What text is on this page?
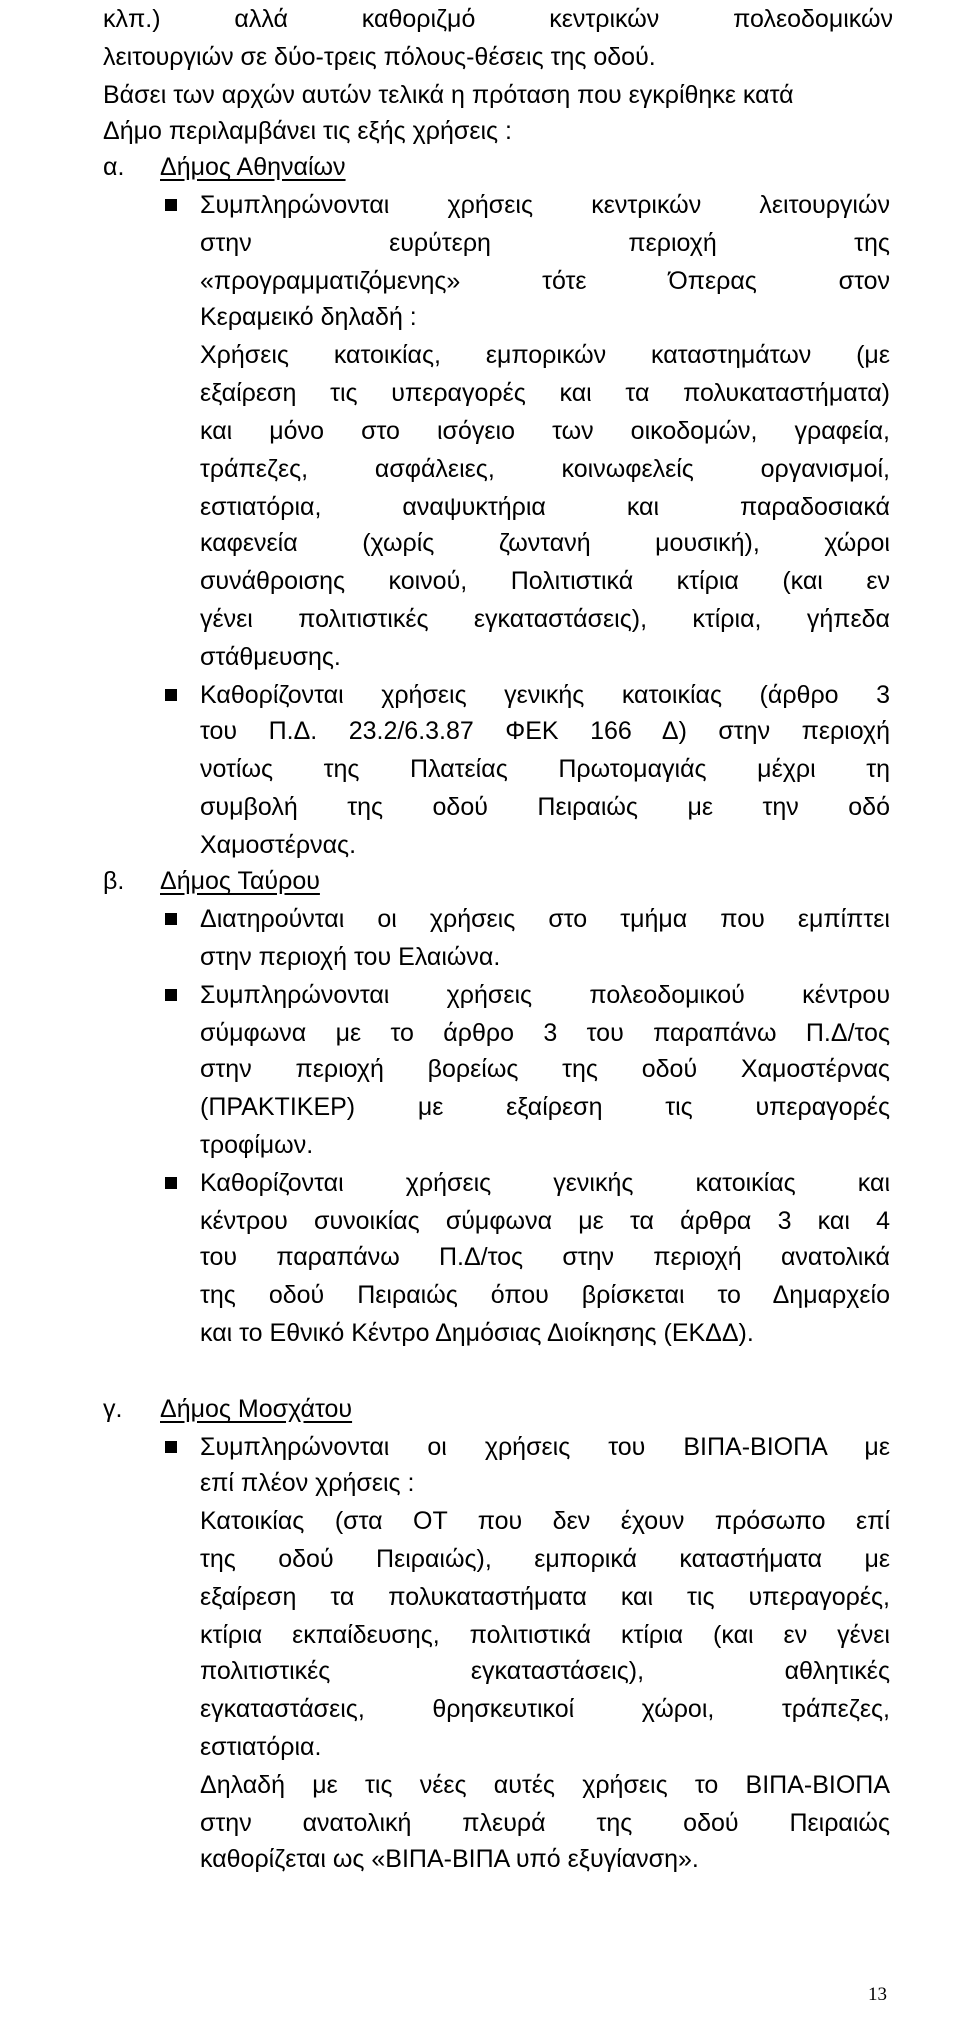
κλπ.) αλλά καθοριζμό κεντρικών πολεοδομικών
λειτουργιών σε δύο-τρεις πόλους-θέσεις της οδού.
Βάσει των αρχών αυτών τελικά η πρόταση που εγκρίθηκε κατά
Δήμο περιλαμβάνει τις εξής χρήσεις :
α. Δήμος Αθηναίων
Συμπληρώνονται χρήσεις κεντρικών λειτουργιών
στην ευρύτερη περιοχή της
«προγραμματιζόμενης» τότε Όπερας στον
Κεραμεικό δηλαδή :
Χρήσεις κατοικίας, εμπορικών καταστημάτων (με
εξαίρεση τις υπεραγορές και τα πολυκαταστήματα)
και μόνο στο ισόγειο των οικοδομών, γραφεία,
τράπεζες, ασφάλειες, κοινωφελείς οργανισμοί,
εστιατόρια, αναψυκτήρια και παραδοσιακά
καφενεία (χωρίς ζωντανή μουσική), χώροι
συνάθροισης κοινού, Πολιτιστικά κτίρια (και εν
γένει πολιτιστικές εγκαταστάσεις), κτίρια, γήπεδα
στάθμευσης.
Καθορίζονται χρήσεις γενικής κατοικίας (άρθρο 3
του Π.Δ. 23.2/6.3.87 ΦΕΚ 166 Δ) στην περιοχή
νοτίως της Πλατείας Πρωτομαγιάς μέχρι τη
συμβολή της οδού Πειραιώς με την οδό
Χαμοστέρνας.
β. Δήμος Ταύρου
Διατηρούνται οι χρήσεις στο τμήμα που εμπίπτει
στην περιοχή του Ελαιώνα.
Συμπληρώνονται χρήσεις πολεοδομικού κέντρου
σύμφωνα με το άρθρο 3 του παραπάνω Π.Δ/τος
στην περιοχή βορείως της οδού Χαμοστέρνας
(ΠΡΑΚΤΙΚΕΡ) με εξαίρεση τις υπεραγορές
τροφίμων.
Καθορίζονται χρήσεις γενικής κατοικίας και
κέντρου συνοικίας σύμφωνα με τα άρθρα 3 και 4
του παραπάνω Π.Δ/τος στην περιοχή ανατολικά
της οδού Πειραιώς όπου βρίσκεται το Δημαρχείο
και το Εθνικό Κέντρο Δημόσιας Διοίκησης (ΕΚΔΔ).
γ. Δήμος Μοσχάτου
Συμπληρώνονται οι χρήσεις του ΒΙΠΑ-ΒΙΟΠΑ με
επί πλέον χρήσεις :
Κατοικίας (στα ΟΤ που δεν έχουν πρόσωπο επί
της οδού Πειραιώς), εμπορικά καταστήματα με
εξαίρεση τα πολυκαταστήματα και τις υπεραγορές,
κτίρια εκπαίδευσης, πολιτιστικά κτίρια (και εν γένει
πολιτιστικές εγκαταστάσεις), αθλητικές
εγκαταστάσεις, θρησκευτικοί χώροι, τράπεζες,
εστιατόρια.
Δηλαδή με τις νέες αυτές χρήσεις το ΒΙΠΑ-ΒΙΟΠΑ
στην ανατολική πλευρά της οδού Πειραιώς
καθορίζεται ως «ΒΙΠΑ-ΒΙΠΑ υπό εξυγίανση».
13
